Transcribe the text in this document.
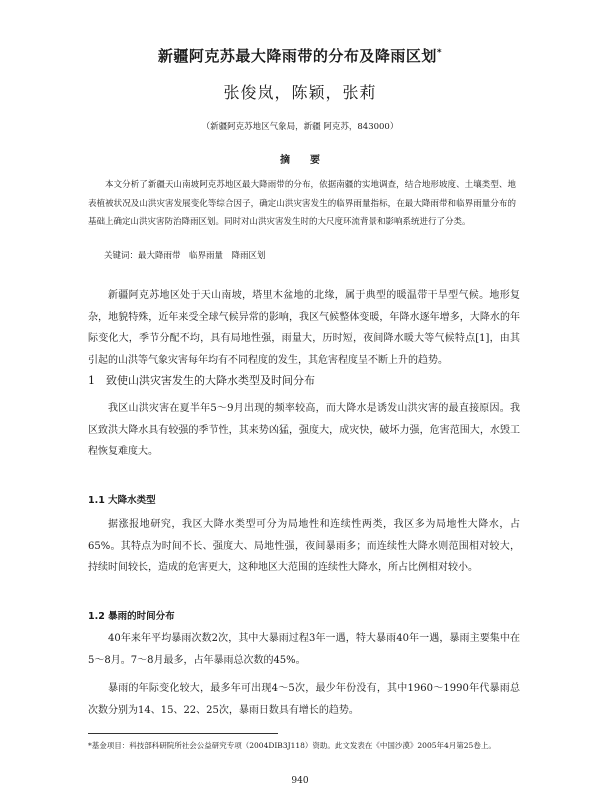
新疆阿克苏最大降雨带的分布及降雨区划*
张俊岚，陈颖，张莉
（新疆阿克苏地区气象局，新疆 阿克苏，843000）
摘　　要

本文分析了新疆天山南坡阿克苏地区最大降雨带的分布，依据南疆的实地调查，结合地形坡度、土壤类型、地表植被状况及山洪灾害发展变化等综合因子，确定山洪灾害发生的临界雨量指标，在最大降雨带和临界雨量分布的基础上确定山洪灾害防治降雨区划。同时对山洪灾害发生时的大尺度环流背景和影响系统进行了分类。

关键词：最大降雨带　临界雨量　降雨区划

新疆阿克苏地区处于天山南坡，塔里木盆地的北缘，属于典型的暖温带干旱型气候。地形复杂，地貌特殊，近年来受全球气候异常的影响，我区气候整体变暖，年降水逐年增多，大降水的年际变化大，季节分配不均，具有局地性强，雨量大，历时短，夜间降水暖大等气候特点[1]，由其引起的山洪等气象灾害每年均有不同程度的发生，其危害程度呈不断上升的趋势。

1　致使山洪灾害发生的大降水类型及时间分布

我区山洪灾害在夏半年5～9月出现的频率较高，而大降水是诱发山洪灾害的最直接原因。我区致洪大降水具有较强的季节性，其来势凶猛，强度大，成灾快，破坏力强，危害范围大，水毁工程恢复难度大。

1.1 大降水类型

据涨报地研究，我区大降水类型可分为局地性和连续性两类，我区多为局地性大降水，占65%。其特点为时间不长、强度大、局地性强，夜间暴雨多；而连续性大降水则范围相对较大，持续时间较长，造成的危害更大，这种地区大范围的连续性大降水，所占比例相对较小。

1.2 暴雨的时间分布

40年来年平均暴雨次数2次，其中大暴雨过程3年一遇，特大暴雨40年一遇，暴雨主要集中在5～8月。7～8月最多，占年暴雨总次数的45%。

暴雨的年际变化较大，最多年可出现4～5次，最少年份没有，其中1960～1990年代暴雨总次数分别为14、15、22、25次，暴雨日数具有增长的趋势。

*基金项目：科技部科研院所社会公益研究专项（2004DIB3J118）资助。此文发表在《中国沙漠》2005年4月第25卷上。
940
